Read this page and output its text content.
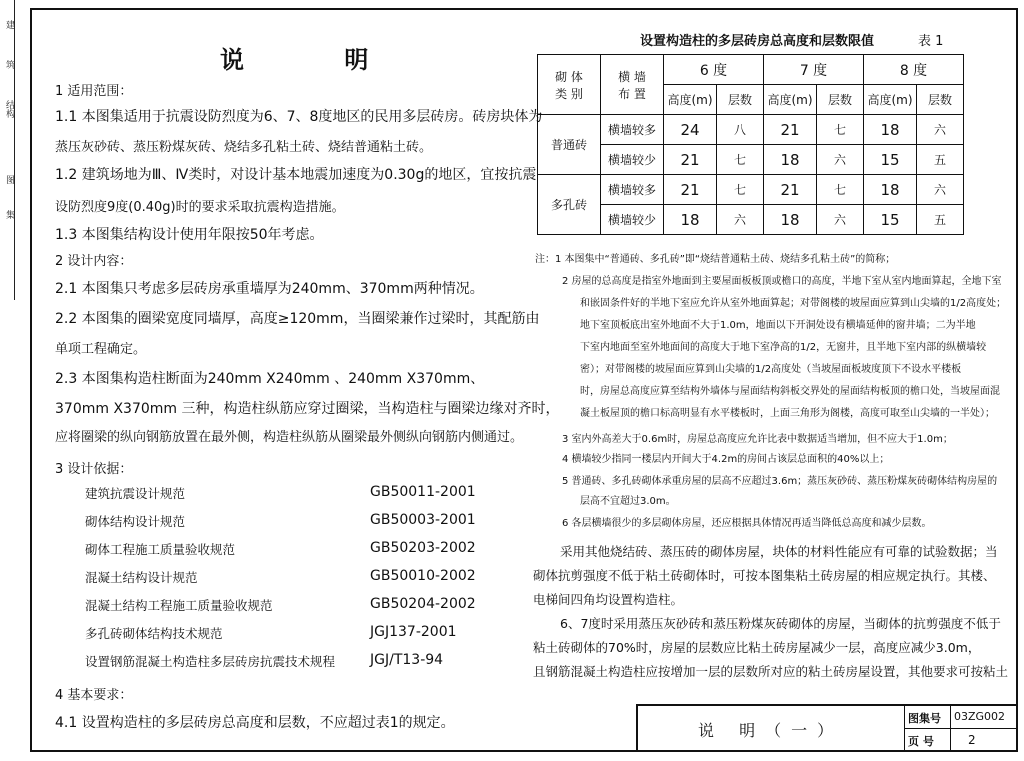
建
筑
结构
图
集
说 明
1 适用范围：
1.1 本图集适用于抗震设防烈度为6、7、8度地区的民用多层砖房。砖房块体为
蒸压灰砂砖、蒸压粉煤灰砖、烧结多孔粘土砖、烧结普通粘土砖。
1.2 建筑场地为Ⅲ、Ⅳ类时，对设计基本地震加速度为0.30g的地区，宜按抗震
设防烈度9度(0.40g)时的要求采取抗震构造措施。
1.3 本图集结构设计使用年限按50年考虑。
2 设计内容：
2.1 本图集只考虑多层砖房承重墙厚为240mm、370mm两种情况。
2.2 本图集的圈梁宽度同墙厚，高度≥120mm，当圈梁兼作过梁时，其配筋由
单项工程确定。
2.3 本图集构造柱断面为240mm X240mm 、240mm X370mm、
370mm X370mm 三种，构造柱纵筋应穿过圈梁，当构造柱与圈梁边缘对齐时，
应将圈梁的纵向钢筋放置在最外侧，构造柱纵筋从圈梁最外侧纵向钢筋内侧通过。
3 设计依据：
建筑抗震设计规范	GB50011-2001
砌体结构设计规范	GB50003-2001
砌体工程施工质量验收规范	GB50203-2002
混凝土结构设计规范	GB50010-2002
混凝土结构工程施工质量验收规范	GB50204-2002
多孔砖砌体结构技术规范	JGJ137-2001
设置钢筋混凝土构造柱多层砖房抗震技术规程 JGJ/T13-94
4 基本要求：
4.1 设置构造柱的多层砖房总高度和层数，不应超过表1的规定。
设置构造柱的多层砖房总高度和层数限值	表 1
砌 体
类 别	横 墙
布 置	6 度		7 度		8 度	
		高度(m)	层数	高度(m)	层数	高度(m)	层数
普通砖	横墙较多	24	八	21	七	18	六
	横墙较少	21	七	18	六	15	五
多孔砖	横墙较多	21	七	21	七	18	六
	横墙较少	18	六	18	六	15	五
注：1 本图集中“普通砖、多孔砖”即“烧结普通粘土砖、烧结多孔粘土砖”的简称；
2 房屋的总高度是指室外地面到主要屋面板板顶或檐口的高度，半地下室从室内地面算起，全地下室
和嵌固条件好的半地下室应允许从室外地面算起；对带阁楼的坡屋面应算到山尖墙的1/2高度处；
地下室顶板底出室外地面不大于1.0m，地面以下开洞处设有横墙延伸的窗井墙；二为半地
下室内地面至室外地面间的高度大于地下室净高的1/2，无窗井，且半地下室内部的纵横墙较
密）；对带阁楼的坡屋面应算到山尖墙的1/2高度处（当坡屋面板坡度顶下不设水平楼板
时，房屋总高度应算至结构外墙体与屋面结构斜板交界处的屋面结构板顶的檐口处，当坡屋面混
凝土板屋顶的檐口标高明显有水平楼板时，上面三角形为阁楼，高度可取至山尖墙的一半处）；
3 室内外高差大于0.6m时，房屋总高度应允许比表中数据适当增加，但不应大于1.0m；
4 横墙较少指同一楼层内开间大于4.2m的房间占该层总面积的40%以上；
5 普通砖、多孔砖砌体承重房屋的层高不应超过3.6m；蒸压灰砂砖、蒸压粉煤灰砖砌体结构房屋的
层高不宜超过3.0m。
6 各层横墙很少的多层砌体房屋，还应根据具体情况再适当降低总高度和减少层数。
采用其他烧结砖、蒸压砖的砌体房屋，块体的材料性能应有可靠的试验数据；当
砌体抗剪强度不低于粘土砖砌体时，可按本图集粘土砖房屋的相应规定执行。其楼、
电梯间四角均设置构造柱。
6、7度时采用蒸压灰砂砖和蒸压粉煤灰砖砌体的房屋，当砌体的抗剪强度不低于
粘土砖砌体的70%时，房屋的层数应比粘土砖房屋减少一层，高度应减少3.0m，
且钢筋混凝土构造柱应按增加一层的层数所对应的粘土砖房屋设置，其他要求可按粘土
说 明（一）
图集号 03ZG002
页 号	2
